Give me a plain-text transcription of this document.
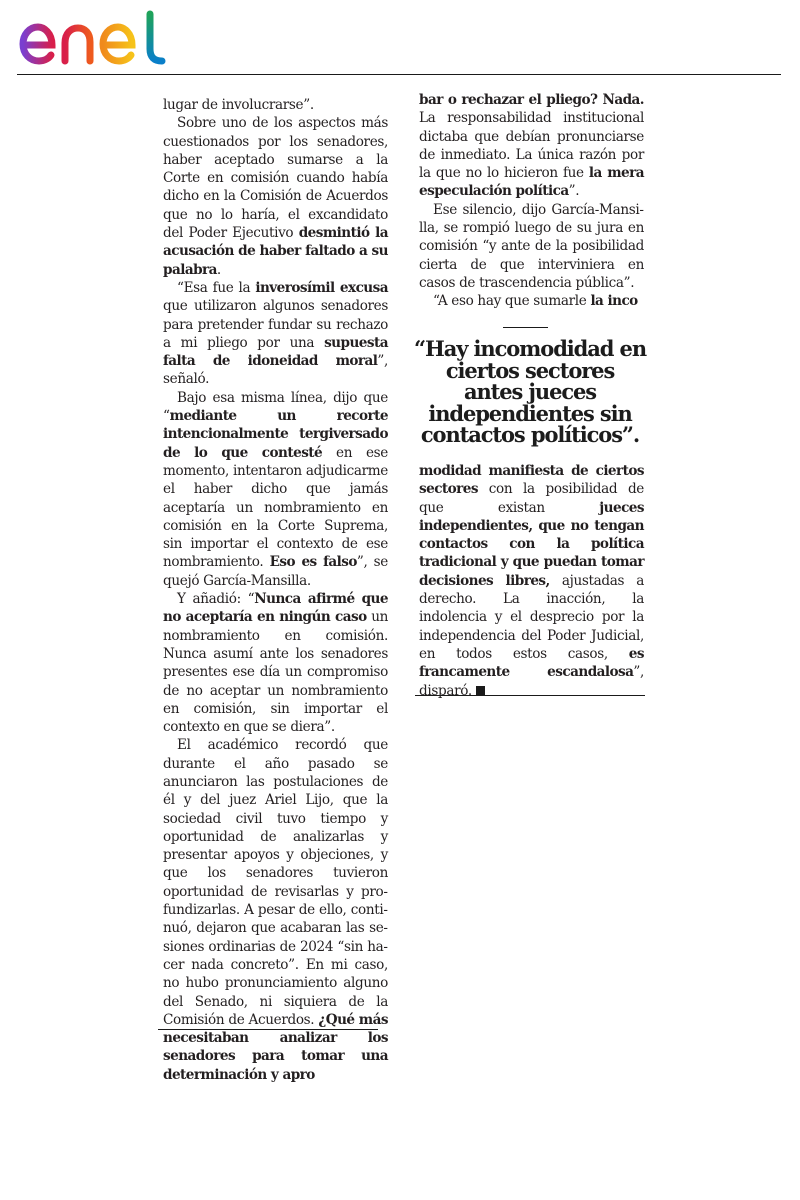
lugar de involucrarse”.

Sobre uno de los aspectos más cuestionados por los senadores, haber aceptado sumarse a la Corte en comisión cuando había dicho en la Comisión de Acuerdos que no lo haría, el excandidato del Poder Ejecutivo desmintió la acusación de haber faltado a su palabra.

“Esa fue la inverosímil excusa que utilizaron algunos senadores para pretender fundar su rechazo a mi pliego por una supuesta falta de idoneidad moral”, señaló.

Bajo esa misma línea, dijo que “mediante un recorte intencionalmente tergiversado de lo que contesté en ese momento, intentaron adjudicarme el haber dicho que jamás aceptaría un nombramiento en comisión en la Corte Suprema, sin importar el contexto de ese nombramiento. Eso es falso”, se quejó García-Mansilla.

Y añadió: “Nunca afirmé que no aceptaría en ningún caso un nombramiento en comisión. Nunca asumí ante los senadores presentes ese día un compromiso de no aceptar un nombramiento en comisión, sin importar el contexto en que se diera”.

El académico recordó que durante el año pasado se anunciaron las postulaciones de él y del juez Ariel Lijo, que la sociedad civil tuvo tiempo y oportunidad de analizarlas y presentar apoyos y objeciones, y que los senadores tuvieron oportunidad de revisarlas y profundizarlas. A pesar de ello, continuó, dejaron que acabaran las sesiones ordinarias de 2024 “sin hacer nada concreto”. En mi caso, no hubo pronunciamiento alguno del Senado, ni siquiera de la Comisión de Acuerdos. ¿Qué más necesitaban analizar los senadores para tomar una determinación y apro

bar o rechazar el pliego? Nada. La responsabilidad institucional dictaba que debían pronunciarse de inmediato. La única razón por la que no lo hicieron fue la mera especulación política”.

Ese silencio, dijo García-Mansilla, se rompió luego de su jura en comisión “y ante de la posibilidad cierta de que interviniera en casos de trascendencia pública”.

“A eso hay que sumarle la inco

“Hay incomodidad en ciertos sectores antes jueces independientes sin contactos políticos”.

modidad manifiesta de ciertos sectores con la posibilidad de que existan jueces independientes, que no tengan contactos con la política tradicional y que puedan tomar decisiones libres, ajustadas a derecho. La inacción, la indolencia y el desprecio por la independencia del Poder Judicial, en todos estos casos, es francamente escandalosa”, disparó.
